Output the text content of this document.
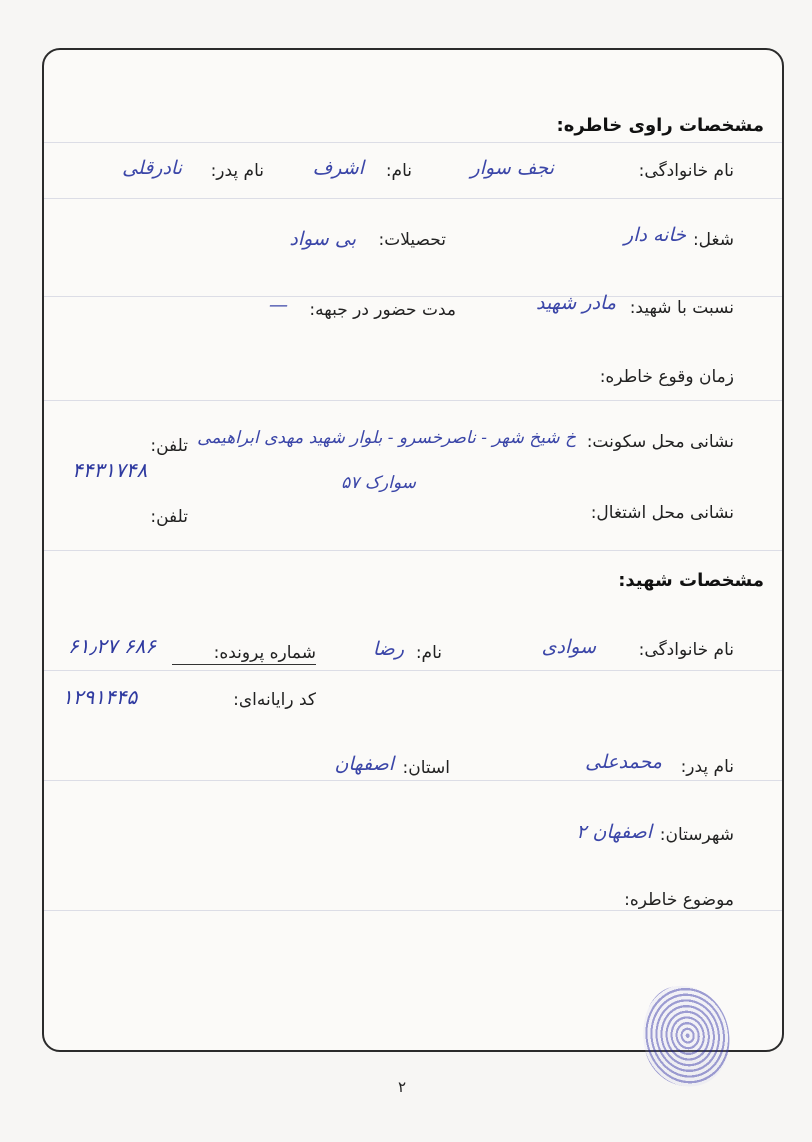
مشخصات راوی خاطره:
نام خانوادگی:
نجف سوار
نام:
اشرف
نام پدر:
نادرقلی
شغل:
خانه دار
تحصیلات:
بی سواد
نسبت با شهید:
مادر شهید
مدت حضور در جبهه:
—
زمان وقوع خاطره:
نشانی محل سکونت:
خ شیخ شهر - ناصرخسرو - بلوار شهید مهدی ابراهیمی
تلفن:
۴۴۳۱۷۴۸
سوارک ۵۷
نشانی محل اشتغال:
تلفن:
مشخصات شهید:
نام خانوادگی:
سوادی
نام:
رضا
شماره پرونده:
۶۱٫۲۷ ۶۸۶
کد رایانه‌ای:
۱۲۹۱۴۴۵
نام پدر:
محمدعلی
استان:
اصفهان
شهرستان:
اصفهان ۲
موضوع خاطره:
۲
